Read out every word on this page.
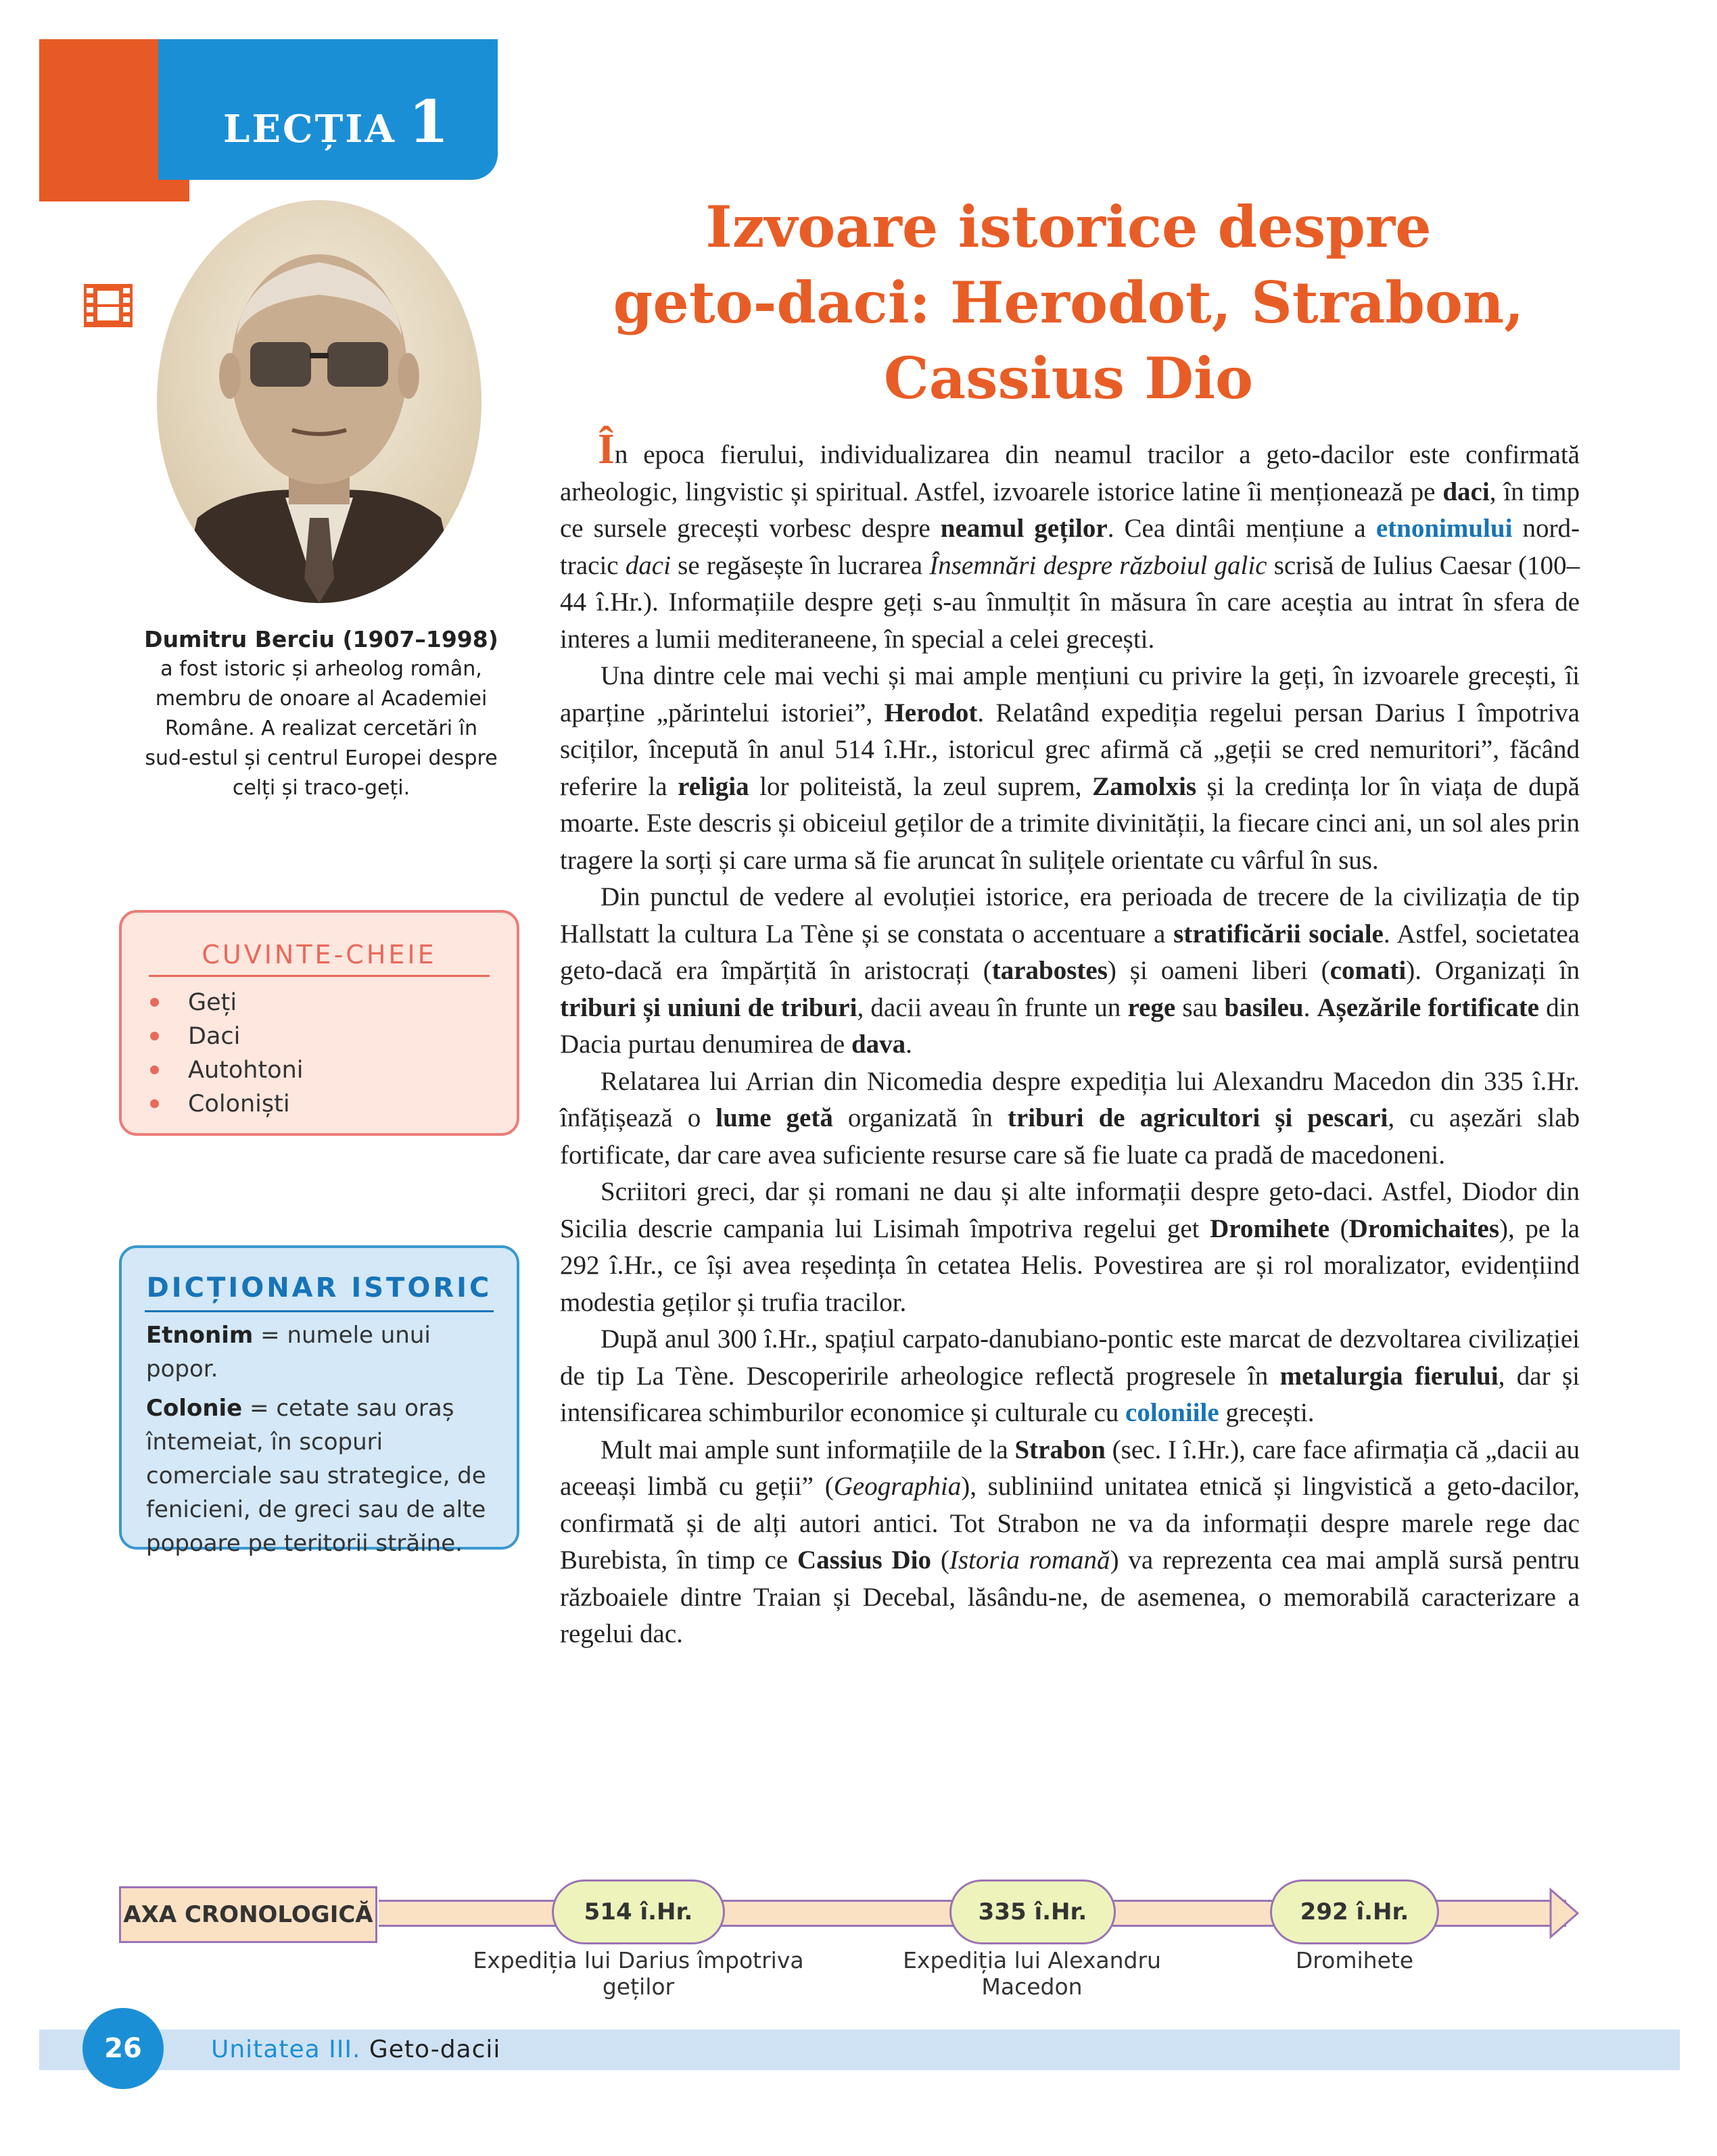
LECȚIA 1
Dumitru Berciu (1907–1998)
a fost istoric și arheolog român,
membru de onoare al Academiei
Române. A realizat cercetări în
sud-estul și centrul Europei despre
celți și traco-geți.
CUVINTE-CHEIE
Geți
Daci
Autohtoni
Coloniști
DICȚIONAR ISTORIC

Etnonim = numele unui popor.

Colonie = cetate sau oraș întemeiat, în scopuri comerciale sau strategice, de fenicieni, de greci sau de alte popoare pe teritorii străine.

Izvoare istorice despre
geto-daci: Herodot, Strabon,
Cassius Dio

În epoca fierului, individualizarea din neamul tracilor a geto-dacilor este confirmată arheologic, lingvistic și spiritual. Astfel, izvoarele istorice latine îi menționează pe daci, în timp ce sursele grecești vorbesc despre neamul geților. Cea dintâi mențiune a etnonimului nord-tracic daci se regăsește în lucrarea Însemnări despre războiul galic scrisă de Iulius Caesar (100–44 î.Hr.). Informațiile despre geți s-au înmulțit în măsura în care aceștia au intrat în sfera de interes a lumii mediteraneene, în special a celei grecești.

Una dintre cele mai vechi și mai ample mențiuni cu privire la geți, în izvoarele grecești, îi aparține „părintelui istoriei”, Herodot. Relatând expediția regelui persan Darius I împotriva sciților, începută în anul 514 î.Hr., istoricul grec afirmă că „geții se cred nemuritori”, făcând referire la religia lor politeistă, la zeul suprem, Zamolxis și la credința lor în viața de după moarte. Este descris și obiceiul geților de a trimite divinității, la fiecare cinci ani, un sol ales prin tragere la sorți și care urma să fie aruncat în sulițele orientate cu vârful în sus.

Din punctul de vedere al evoluției istorice, era perioada de trecere de la civilizația de tip Hallstatt la cultura La Tène și se constata o accentuare a stratificării sociale. Astfel, societatea geto-dacă era împărțită în aristocrați (tarabostes) și oameni liberi (comati). Organizați în triburi și uniuni de triburi, dacii aveau în frunte un rege sau basileu. Așezările fortificate din Dacia purtau denumirea de dava.

Relatarea lui Arrian din Nicomedia despre expediția lui Alexandru Macedon din 335 î.Hr. înfățișează o lume getă organizată în triburi de agricultori și pescari, cu așezări slab fortificate, dar care avea suficiente resurse care să fie luate ca pradă de macedoneni.

Scriitori greci, dar și romani ne dau și alte informații despre geto-daci. Astfel, Diodor din Sicilia descrie campania lui Lisimah împotriva regelui get Dromihete (Dromichaites), pe la 292 î.Hr., ce își avea reședința în cetatea Helis. Povestirea are și rol moralizator, evidențiind modestia geților și trufia tracilor.

După anul 300 î.Hr., spațiul carpato-danubiano-pontic este marcat de dezvoltarea civilizației de tip La Tène. Descoperirile arheologice reflectă progresele în metalurgia fierului, dar și intensificarea schimburilor economice și culturale cu coloniile grecești.

Mult mai ample sunt informațiile de la Strabon (sec. I î.Hr.), care face afirmația că „dacii au aceeași limbă cu geții” (Geographia), subliniind unitatea etnică și lingvistică a geto-dacilor, confirmată și de alți autori antici. Tot Strabon ne va da informații despre marele rege dac Burebista, în timp ce Cassius Dio (Istoria romană) va reprezenta cea mai amplă sursă pentru războaiele dintre Traian și Decebal, lăsându-ne, de asemenea, o memorabilă caracterizare a regelui dac.

AXA CRONOLOGICĂ	514 î.Hr.	335 î.Hr.	292 î.Hr.
Expediția lui Darius împotriva geților
Expediția lui Alexandru Macedon
Dromihete
26	Unitatea III. Geto-dacii
